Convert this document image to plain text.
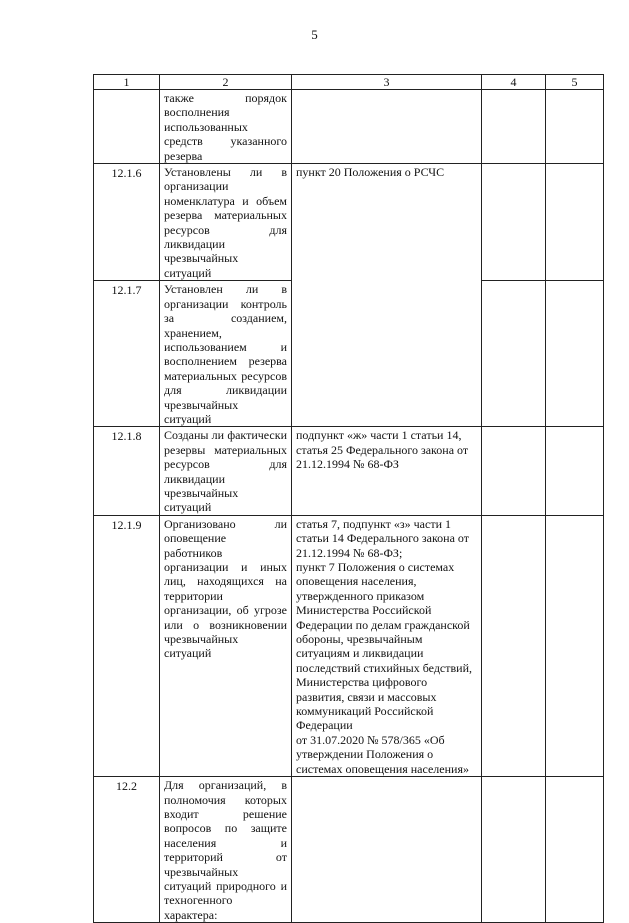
5
1	2	3	4	5
	также порядок восполнения использованных средств указанного резерва			
12.1.6	Установлены ли в организации номенклатура и объем резерва материальных ресурсов для ликвидации чрезвычайных ситуаций	пункт 20 Положения о РСЧС		
12.1.7	Установлен ли в организации контроль за созданием, хранением, использованием и восполнением резерва материальных ресурсов для ликвидации чрезвычайных ситуаций			
12.1.8	Созданы ли фактически резервы материальных ресурсов для ликвидации чрезвычайных ситуаций	подпункт «ж» части 1 статьи 14, статья 25 Федерального закона от 21.12.1994 № 68-ФЗ		
12.1.9	Организовано ли оповещение работников организации и иных лиц, находящихся на территории организации, об угрозе или о возникновении чрезвычайных ситуаций	статья 7, подпункт «з» части 1 статьи 14 Федерального закона от 21.12.1994 № 68-ФЗ;
пункт 7 Положения о системах оповещения населения, утвержденного приказом Министерства Российской Федерации по делам гражданской обороны, чрезвычайным ситуациям и ликвидации последствий стихийных бедствий, Министерства цифрового развития, связи и массовых коммуникаций Российской Федерации
от 31.07.2020 № 578/365 «Об утверждении Положения о системах оповещения населения»		

12.2	Для организаций, в полномочия которых входит решение вопросов по защите населения и территорий от чрезвычайных ситуаций природного и техногенного характера:			
